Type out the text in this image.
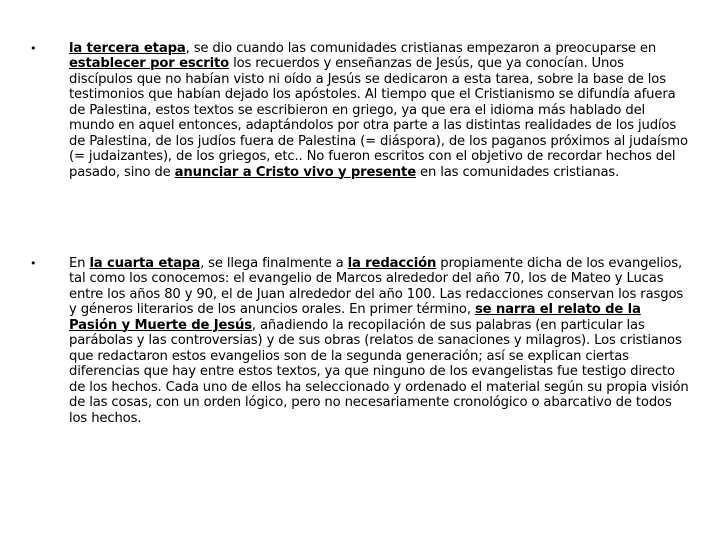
• la tercera etapa, se dio cuando las comunidades cristianas empezaron a preocuparse en establecer por escrito los recuerdos y enseñanzas de Jesús, que ya conocían. Unos discípulos que no habían visto ni oído a Jesús se dedicaron a esta tarea, sobre la base de los testimonios que habían dejado los apóstoles. Al tiempo que el Cristianismo se difundía afuera de Palestina, estos textos se escribieron en griego, ya que era el idioma más hablado del mundo en aquel entonces, adaptándolos por otra parte a las distintas realidades de los judíos de Palestina, de los judíos fuera de Palestina (= diáspora), de los paganos próximos al judaísmo (= judaizantes), de los griegos, etc.. No fueron escritos con el objetivo de recordar hechos del pasado, sino de anunciar a Cristo vivo y presente en las comunidades cristianas.
• En la cuarta etapa, se llega finalmente a la redacción propiamente dicha de los evangelios, tal como los conocemos: el evangelio de Marcos alrededor del año 70, los de Mateo y Lucas entre los años 80 y 90, el de Juan alrededor del año 100. Las redacciones conservan los rasgos y géneros literarios de los anuncios orales. En primer término, se narra el relato de la Pasión y Muerte de Jesús, añadiendo la recopilación de sus palabras (en particular las parábolas y las controversias) y de sus obras (relatos de sanaciones y milagros). Los cristianos que redactaron estos evangelios son de la segunda generación; así se explican ciertas diferencias que hay entre estos textos, ya que ninguno de los evangelistas fue testigo directo de los hechos. Cada uno de ellos ha seleccionado y ordenado el material según su propia visión de las cosas, con un orden lógico, pero no necesariamente cronológico o abarcativo de todos los hechos.
